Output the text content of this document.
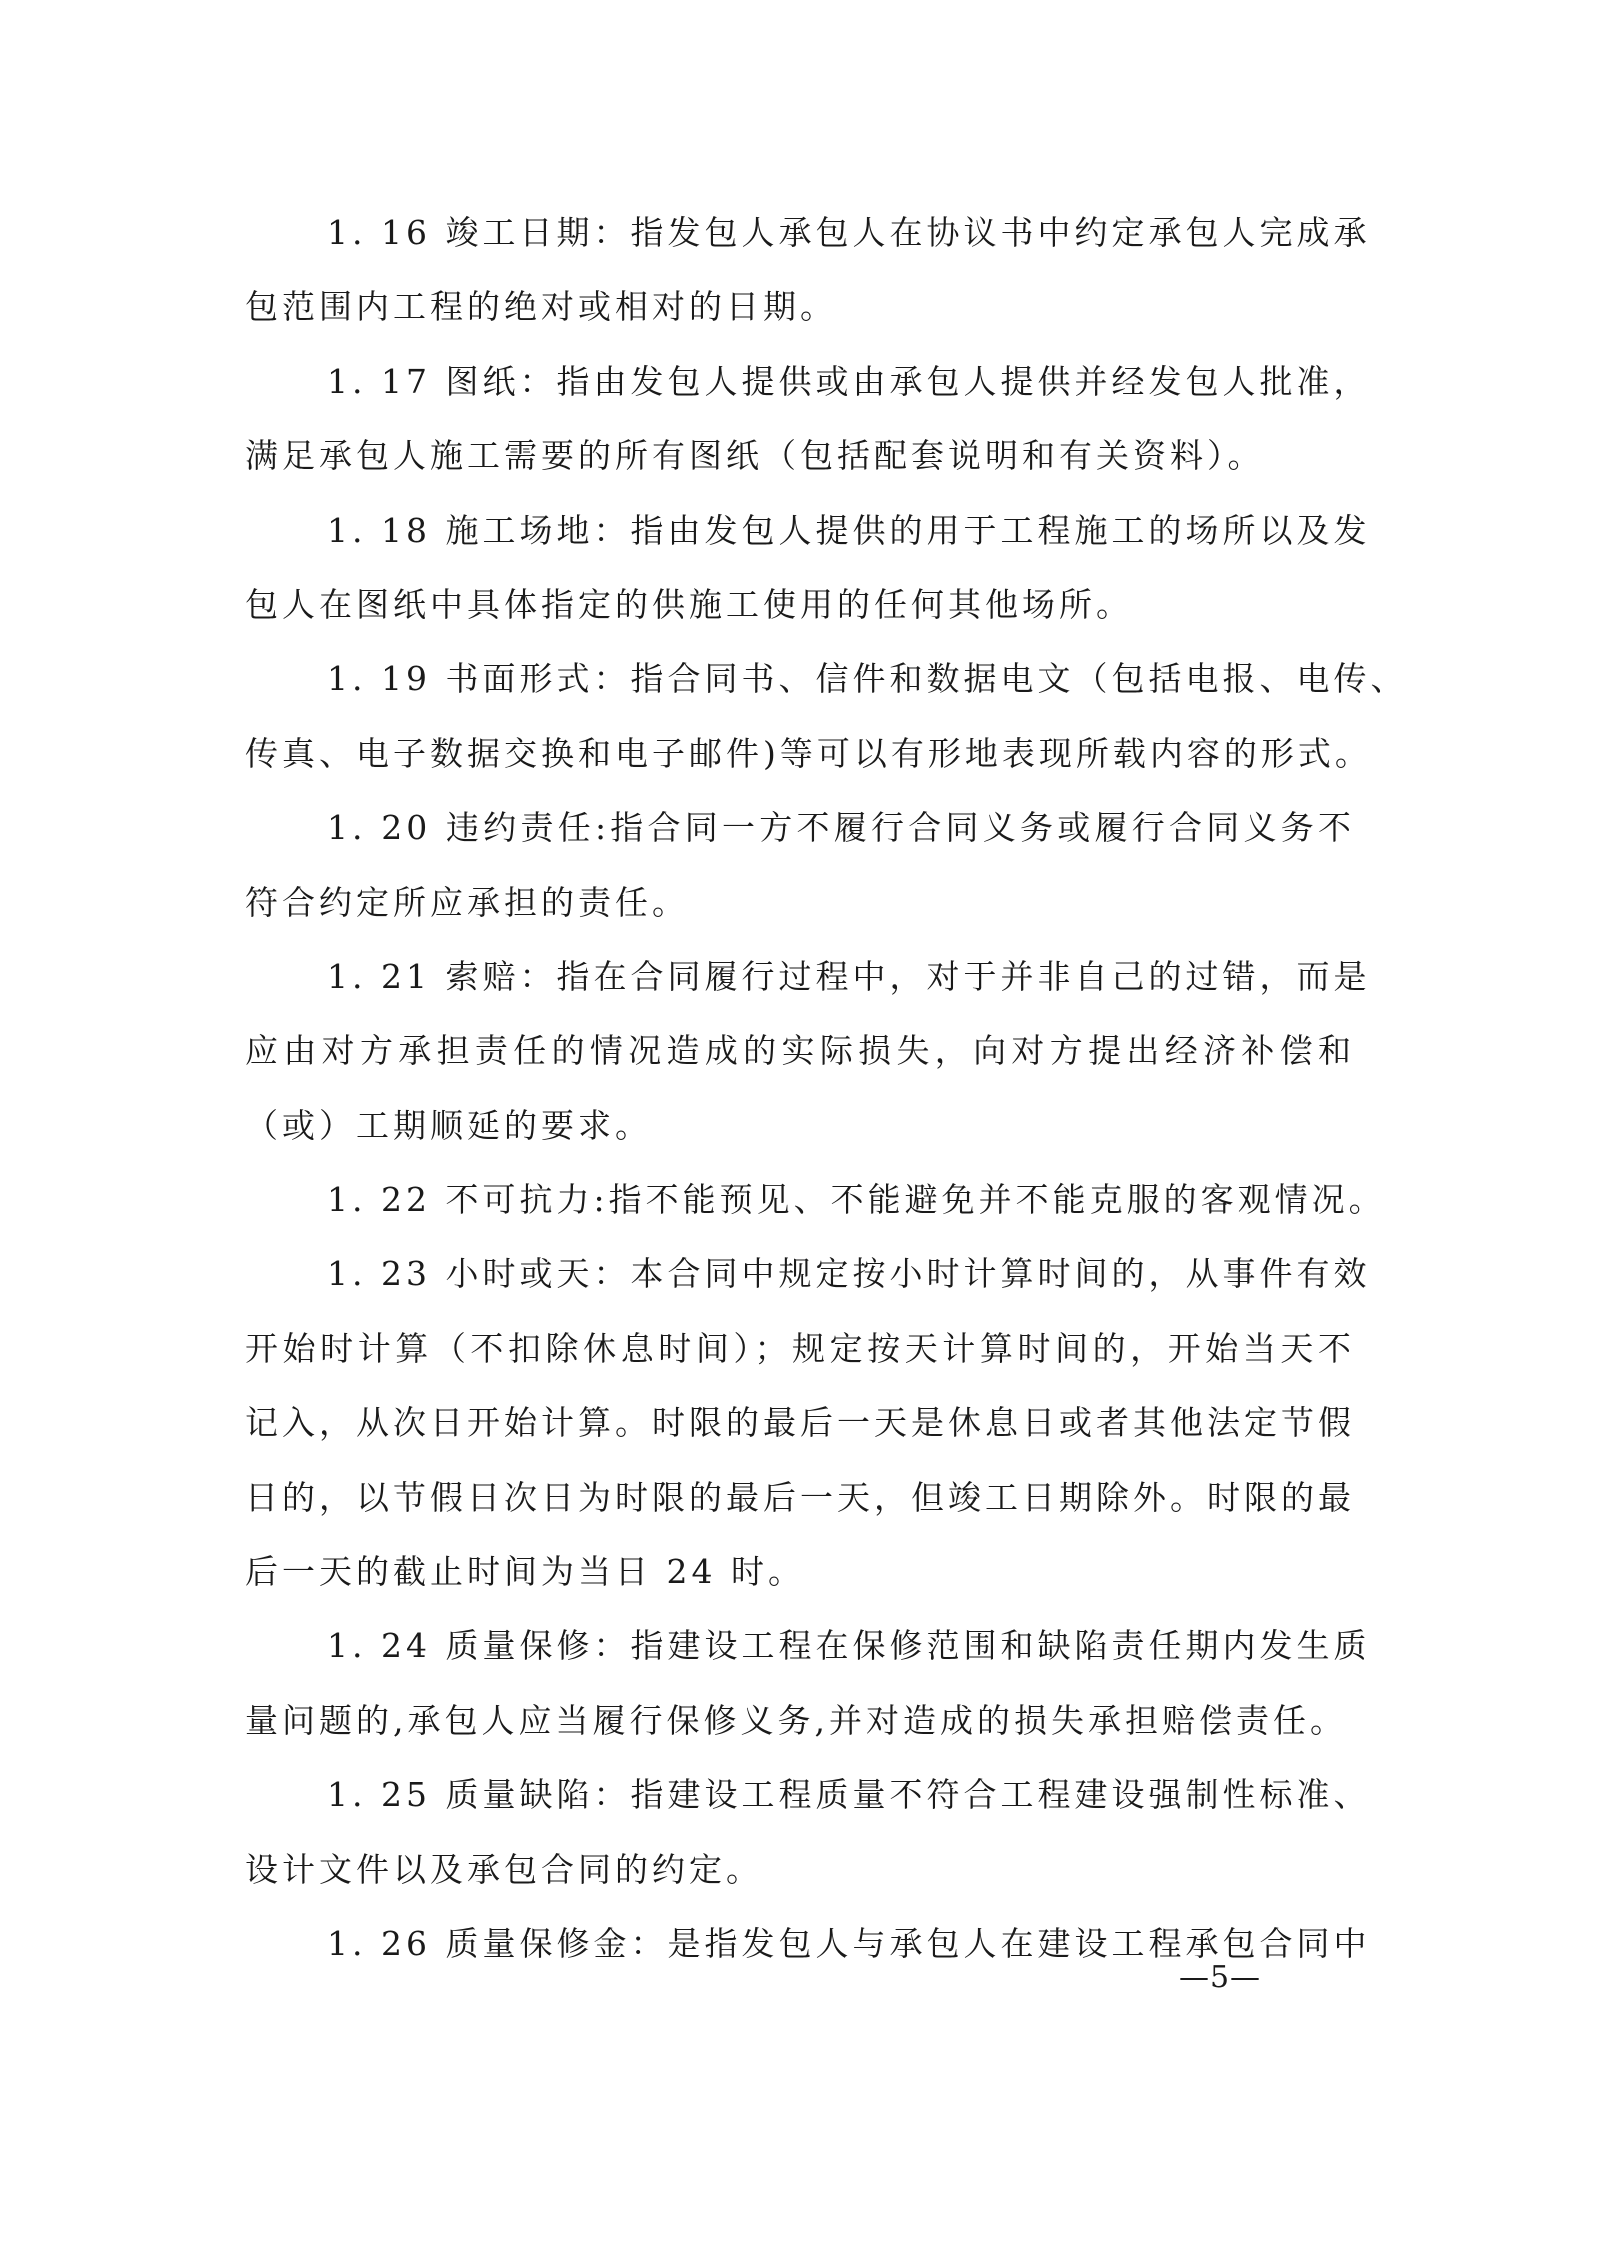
1. 16 竣工日期：指发包人承包人在协议书中约定承包人完成承
包范围内工程的绝对或相对的日期。
1. 17 图纸：指由发包人提供或由承包人提供并经发包人批准，
满足承包人施工需要的所有图纸（包括配套说明和有关资料）。
1. 18 施工场地：指由发包人提供的用于工程施工的场所以及发
包人在图纸中具体指定的供施工使用的任何其他场所。
1. 19 书面形式：指合同书、信件和数据电文（包括电报、电传、
传真、电子数据交换和电子邮件)等可以有形地表现所载内容的形式。
1. 20 违约责任:指合同一方不履行合同义务或履行合同义务不
符合约定所应承担的责任。
1. 21 索赔：指在合同履行过程中，对于并非自己的过错，而是
应由对方承担责任的情况造成的实际损失，向对方提出经济补偿和
（或）工期顺延的要求。
1. 22 不可抗力:指不能预见、不能避免并不能克服的客观情况。
1. 23 小时或天：本合同中规定按小时计算时间的，从事件有效
开始时计算（不扣除休息时间）；规定按天计算时间的，开始当天不
记入，从次日开始计算。时限的最后一天是休息日或者其他法定节假
日的，以节假日次日为时限的最后一天，但竣工日期除外。时限的最
后一天的截止时间为当日 24 时。
1. 24 质量保修：指建设工程在保修范围和缺陷责任期内发生质
量问题的,承包人应当履行保修义务,并对造成的损失承担赔偿责任。
1. 25 质量缺陷：指建设工程质量不符合工程建设强制性标准、
设计文件以及承包合同的约定。
1. 26 质量保修金：是指发包人与承包人在建设工程承包合同中
—5—
